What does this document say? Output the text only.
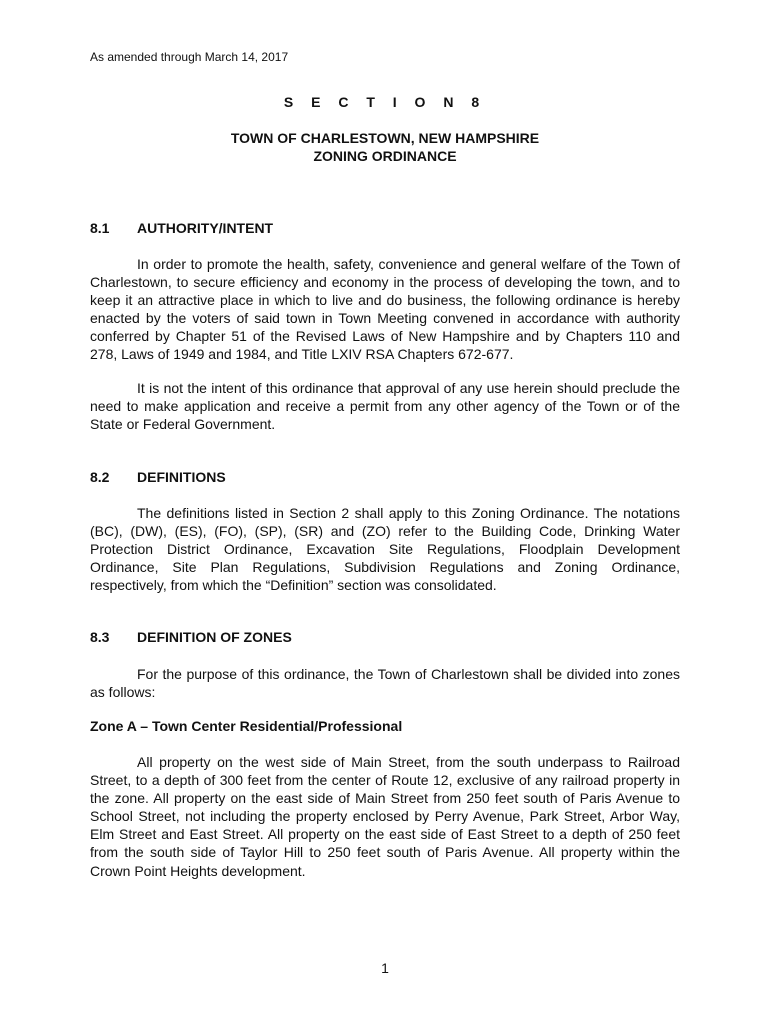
As amended through March 14, 2017
S E C T I O N 8
TOWN OF CHARLESTOWN, NEW HAMPSHIRE
ZONING ORDINANCE
8.1 AUTHORITY/INTENT

In order to promote the health, safety, convenience and general welfare of the Town of Charlestown, to secure efficiency and economy in the process of developing the town, and to keep it an attractive place in which to live and do business, the following ordinance is hereby enacted by the voters of said town in Town Meeting convened in accordance with authority conferred by Chapter 51 of the Revised Laws of New Hampshire and by Chapters 110 and 278, Laws of 1949 and 1984, and Title LXIV RSA Chapters 672-677.

It is not the intent of this ordinance that approval of any use herein should preclude the need to make application and receive a permit from any other agency of the Town or of the State or Federal Government.

8.2 DEFINITIONS

The definitions listed in Section 2 shall apply to this Zoning Ordinance. The notations (BC), (DW), (ES), (FO), (SP), (SR) and (ZO) refer to the Building Code, Drinking Water Protection District Ordinance, Excavation Site Regulations, Floodplain Development Ordinance, Site Plan Regulations, Subdivision Regulations and Zoning Ordinance, respectively, from which the “Definition” section was consolidated.

8.3 DEFINITION OF ZONES

For the purpose of this ordinance, the Town of Charlestown shall be divided into zones as follows:

Zone A – Town Center Residential/Professional

All property on the west side of Main Street, from the south underpass to Railroad Street, to a depth of 300 feet from the center of Route 12, exclusive of any railroad property in the zone. All property on the east side of Main Street from 250 feet south of Paris Avenue to School Street, not including the property enclosed by Perry Avenue, Park Street, Arbor Way, Elm Street and East Street. All property on the east side of East Street to a depth of 250 feet from the south side of Taylor Hill to 250 feet south of Paris Avenue. All property within the Crown Point Heights development.

1
